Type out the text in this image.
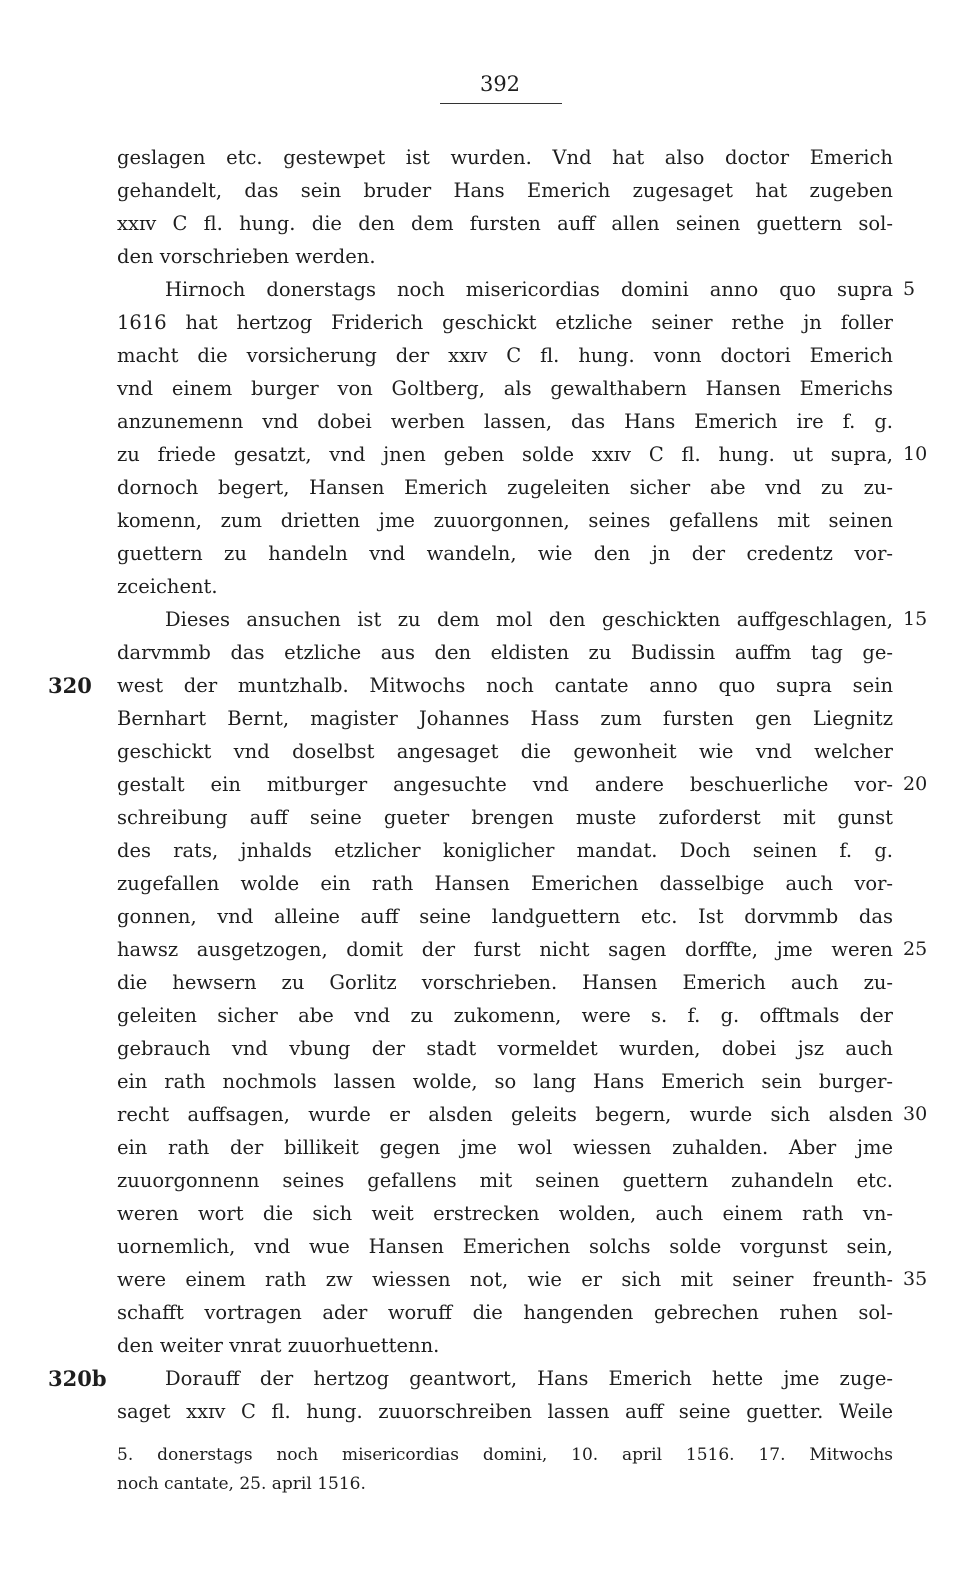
392
geslagen etc. gestewpet ist wurden. Vnd hat also doctor Emerich
gehandelt, das sein bruder Hans Emerich zugesaget hat zugeben
xxɪᴠ C fl. hung. die den dem fursten auff allen seinen guettern sol-
den vorschrieben werden.
Hirnoch donerstags noch misericordias domini anno quo supra
1616 hat hertzog Friderich geschickt etzliche seiner rethe jn foller
macht die vorsicherung der xxɪᴠ C fl. hung. vonn doctori Emerich
vnd einem burger von Goltberg, als gewalthabern Hansen Emerichs
anzunemenn vnd dobei werben lassen, das Hans Emerich ire f. g.
zu friede gesatzt, vnd jnen geben solde xxɪᴠ C fl. hung. ut supra,
dornoch begert, Hansen Emerich zugeleiten sicher abe vnd zu zu-
komenn, zum drietten jme zuuorgonnen, seines gefallens mit seinen
guettern zu handeln vnd wandeln, wie den jn der credentz vor-
zceichent.
Dieses ansuchen ist zu dem mol den geschickten auffgeschlagen,
darvmmb das etzliche aus den eldisten zu Budissin auffm tag ge-
west der muntzhalb. Mitwochs noch cantate anno quo supra sein
Bernhart Bernt, magister Johannes Hass zum fursten gen Liegnitz
geschickt vnd doselbst angesaget die gewonheit wie vnd welcher
gestalt ein mitburger angesuchte vnd andere beschuerliche vor-
schreibung auff seine gueter brengen muste zuforderst mit gunst
des rats, jnhalds etzlicher koniglicher mandat. Doch seinen f. g.
zugefallen wolde ein rath Hansen Emerichen dasselbige auch vor-
gonnen, vnd alleine auff seine landguettern etc. Ist dorvmmb das
hawsz ausgetzogen, domit der furst nicht sagen dorffte, jme weren
die hewsern zu Gorlitz vorschrieben. Hansen Emerich auch zu-
geleiten sicher abe vnd zu zukomenn, were s. f. g. offtmals der
gebrauch vnd vbung der stadt vormeldet wurden, dobei jsz auch
ein rath nochmols lassen wolde, so lang Hans Emerich sein burger-
recht auffsagen, wurde er alsden geleits begern, wurde sich alsden
ein rath der billikeit gegen jme wol wiessen zuhalden. Aber jme
zuuorgonnenn seines gefallens mit seinen guettern zuhandeln etc.
weren wort die sich weit erstrecken wolden, auch einem rath vn-
uornemlich, vnd wue Hansen Emerichen solchs solde vorgunst sein,
were einem rath zw wiessen not, wie er sich mit seiner freunth-
schafft vortragen ader woruff die hangenden gebrechen ruhen sol-
den weiter vnrat zuuorhuettenn.
Dorauff der hertzog geantwort, Hans Emerich hette jme zuge-
saget xxɪᴠ C fl. hung. zuuorschreiben lassen auff seine guetter. Weile
5
10
15
20
25
30
35
320
320b
5. donerstags noch misericordias domini, 10. april 1516. 17. Mitwochs
noch cantate, 25. april 1516.
